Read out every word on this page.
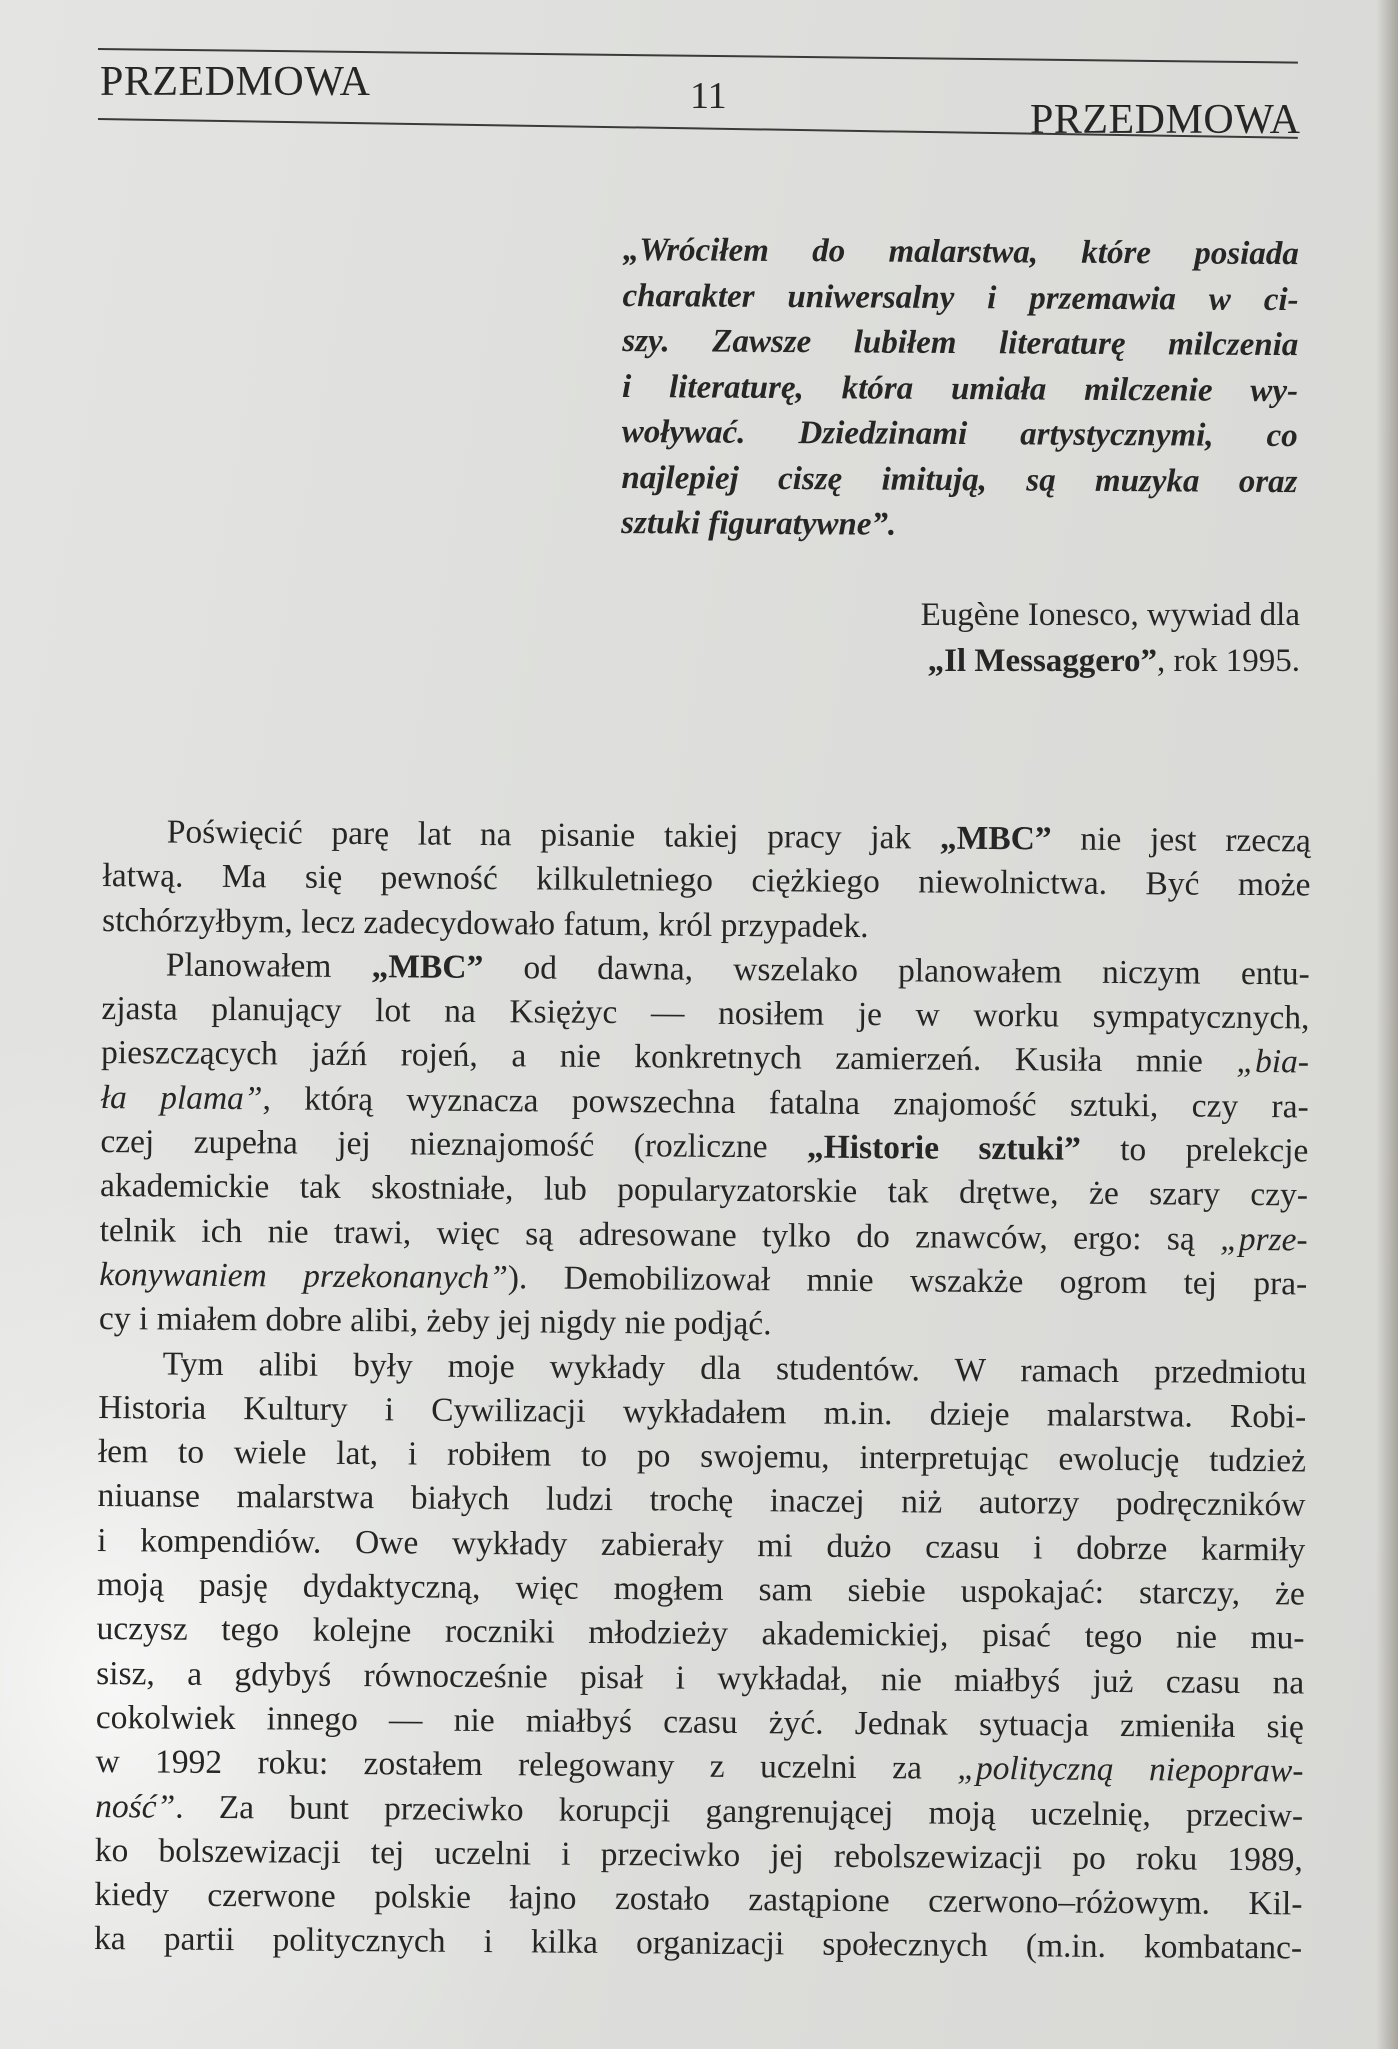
PRZEDMOWA	11
PRZEDMOWA
„Wróciłem do malarstwa, które posiada
charakter uniwersalny i przemawia w ci-
szy. Zawsze lubiłem literaturę milczenia
i literaturę, która umiała milczenie wy-
woływać. Dziedzinami artystycznymi, co
najlepiej ciszę imitują, są muzyka oraz
sztuki figuratywne”.
Eugène Ionesco, wywiad dla
„Il Messaggero”, rok 1995.
Poświęcić parę lat na pisanie takiej pracy jak „MBC” nie jest rzeczą
łatwą. Ma się pewność kilkuletniego ciężkiego niewolnictwa. Być może
stchórzyłbym, lecz zadecydowało fatum, król przypadek.
Planowałem „MBC” od dawna, wszelako planowałem niczym entu-
zjasta planujący lot na Księżyc — nosiłem je w worku sympatycznych,
pieszczących jaźń rojeń, a nie konkretnych zamierzeń. Kusiła mnie „bia-
ła plama”, którą wyznacza powszechna fatalna znajomość sztuki, czy ra-
czej zupełna jej nieznajomość (rozliczne „Historie sztuki” to prelekcje
akademickie tak skostniałe, lub popularyzatorskie tak drętwe, że szary czy-
telnik ich nie trawi, więc są adresowane tylko do znawców, ergo: są „prze-
konywaniem przekonanych”). Demobilizował mnie wszakże ogrom tej pra-
cy i miałem dobre alibi, żeby jej nigdy nie podjąć.
Tym alibi były moje wykłady dla studentów. W ramach przedmiotu
Historia Kultury i Cywilizacji wykładałem m.in. dzieje malarstwa. Robi-
łem to wiele lat, i robiłem to po swojemu, interpretując ewolucję tudzież
niuanse malarstwa białych ludzi trochę inaczej niż autorzy podręczników
i kompendiów. Owe wykłady zabierały mi dużo czasu i dobrze karmiły
moją pasję dydaktyczną, więc mogłem sam siebie uspokajać: starczy, że
uczysz tego kolejne roczniki młodzieży akademickiej, pisać tego nie mu-
sisz, a gdybyś równocześnie pisał i wykładał, nie miałbyś już czasu na
cokolwiek innego — nie miałbyś czasu żyć. Jednak sytuacja zmieniła się
w 1992 roku: zostałem relegowany z uczelni za „polityczną niepopraw-
ność”. Za bunt przeciwko korupcji gangrenującej moją uczelnię, przeciw-
ko bolszewizacji tej uczelni i przeciwko jej rebolszewizacji po roku 1989,
kiedy czerwone polskie łajno zostało zastąpione czerwono–różowym. Kil-
ka partii politycznych i kilka organizacji społecznych (m.in. kombatanc-
